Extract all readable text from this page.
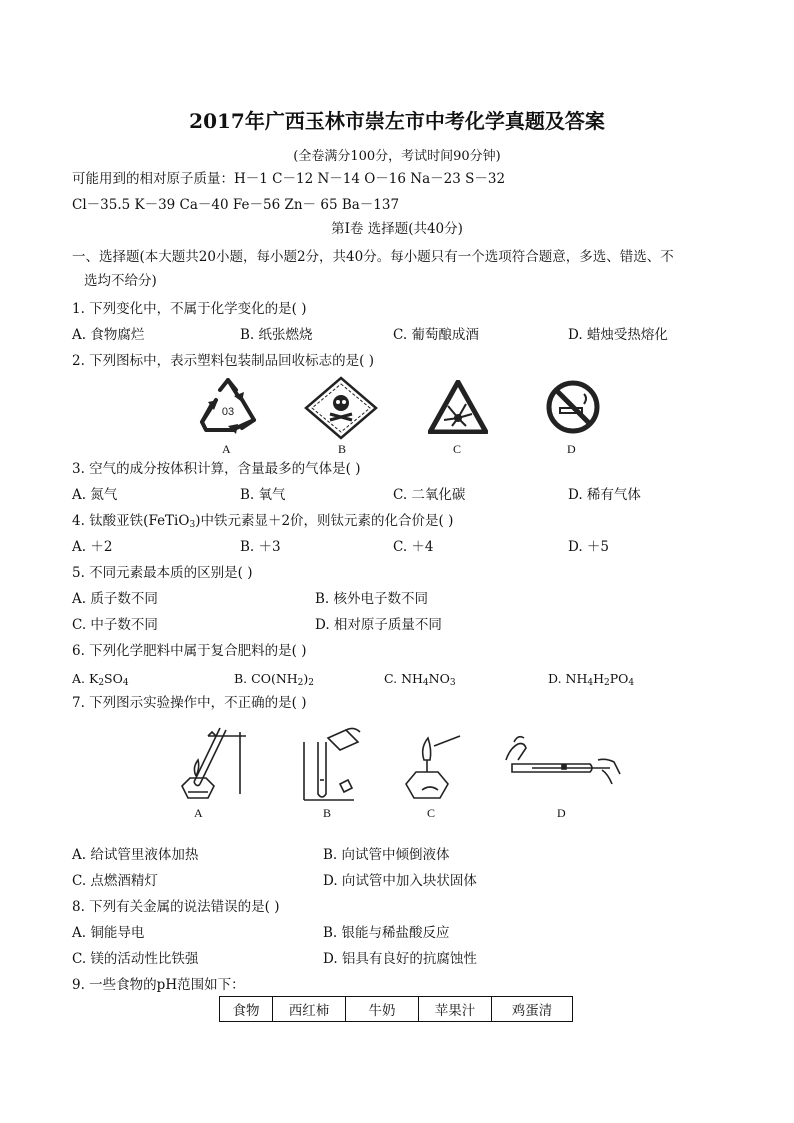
2017年广西玉林市崇左市中考化学真题及答案
(全卷满分100分，考试时间90分钟)
可能用到的相对原子质量：H－1 C－12 N－14 O－16 Na－23 S－32
Cl－35.5 K－39 Ca－40 Fe－56 Zn－ 65 Ba－137
第Ⅰ卷 选择题(共40分)
一、选择题(本大题共20小题，每小题2分，共40分。每小题只有一个选项符合题意，多选、错选、不
选均不给分)
1. 下列变化中，不属于化学变化的是( )
A. 食物腐烂	B. 纸张燃烧	C. 葡萄酿成酒	D. 蜡烛受热熔化
2. 下列图标中，表示塑料包装制品回收标志的是( )
03
A	B	C	D
3. 空气的成分按体积计算，含量最多的气体是( )
A. 氮气	B. 氧气	C. 二氧化碳	D. 稀有气体
4. 钛酸亚铁(FeTiO$_3$)中铁元素显＋2价，则钛元素的化合价是( )
A. ＋2	B. ＋3	C. ＋4	D. ＋5
5. 不同元素最本质的区别是( )
A. 质子数不同	B. 核外电子数不同
C. 中子数不同	D. 相对原子质量不同
6. 下列化学肥料中属于复合肥料的是( )
A. $K_2SO_4$	B. $CO(NH_2)_2$	C. $NH_4NO_3$	D. $NH_4H_2PO_4$
7. 下列图示实验操作中，不正确的是( )
A	B	C	D
A. 给试管里液体加热	B. 向试管中倾倒液体
C. 点燃酒精灯	D. 向试管中加入块状固体
8. 下列有关金属的说法错误的是( )
A. 铜能导电	B. 银能与稀盐酸反应
C. 镁的活动性比铁强	D. 铝具有良好的抗腐蚀性
9. 一些食物的pH范围如下：
食物	西红柿	牛奶	苹果汁	鸡蛋清
